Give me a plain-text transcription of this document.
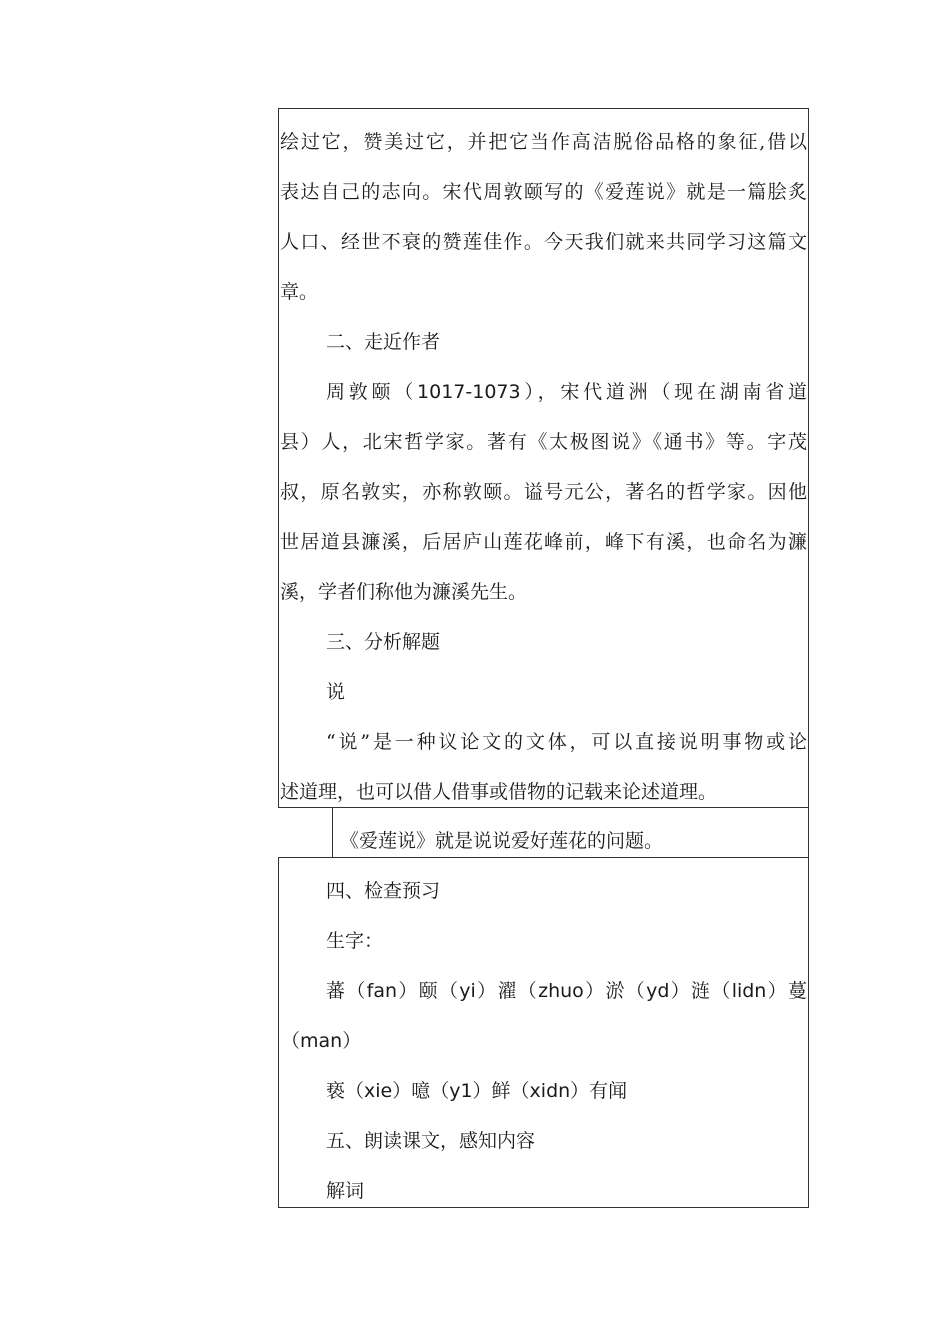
绘过它，赞美过它，并把它当作高洁脱俗品格的象征,借以
表达自己的志向。宋代周敦颐写的《爱莲说》就是一篇脍炙
人口、经世不衰的赞莲佳作。今天我们就来共同学习这篇文
章。
二、走近作者
周敦颐（1017-1073），宋代道洲（现在湖南省道
县）人，北宋哲学家。著有《太极图说》《通书》等。字茂
叔，原名敦实，亦称敦颐。谥号元公，著名的哲学家。因他
世居道县濂溪，后居庐山莲花峰前，峰下有溪，也命名为濂
溪，学者们称他为濂溪先生。
三、分析解题
说
“说”是一种议论文的文体，可以直接说明事物或论
述道理，也可以借人借事或借物的记载来论述道理。
《爱莲说》就是说说爱好莲花的问题。
四、检查预习
生字：
蕃（fan）颐（yi）濯（zhuo）淤（yd）涟（lidn）蔓
（man）
亵（xie）噫（y1）鲜（xidn）有闻
五、朗读课文，感知内容
解词
